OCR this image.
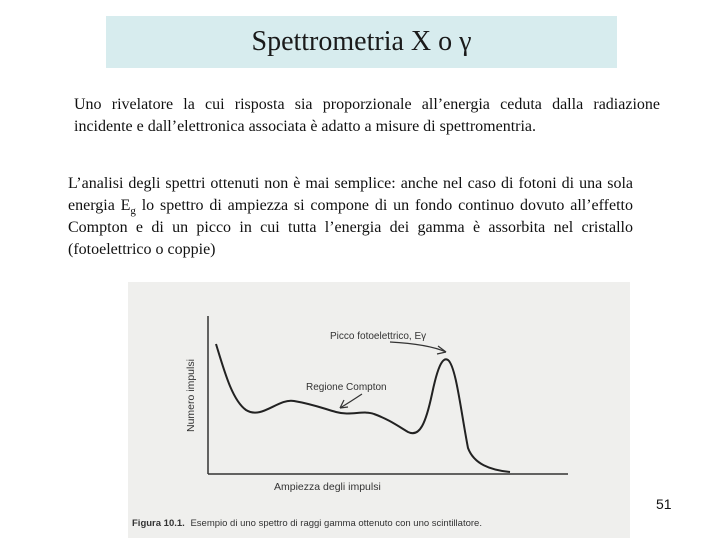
Spettrometria X o γ

Uno rivelatore la cui risposta sia proporzionale all’energia ceduta dalla radiazione incidente e dall’elettronica associata è adatto a misure di spettromentria.

L’analisi degli spettri ottenuti non è mai semplice: anche nel caso di fotoni di una sola energia $E_g$ lo spettro di ampiezza si compone di un fondo continuo dovuto all’effetto Compton e di un picco in cui tutta l’energia dei gamma è assorbita nel cristallo (fotoelettrico o coppie)

Numero impulsi
Ampiezza degli impulsi
Picco fotoelettrico, Eγ
Regione Compton
Figura 10.1. Esempio di uno spettro di raggi gamma ottenuto con uno scintillatore.
51
